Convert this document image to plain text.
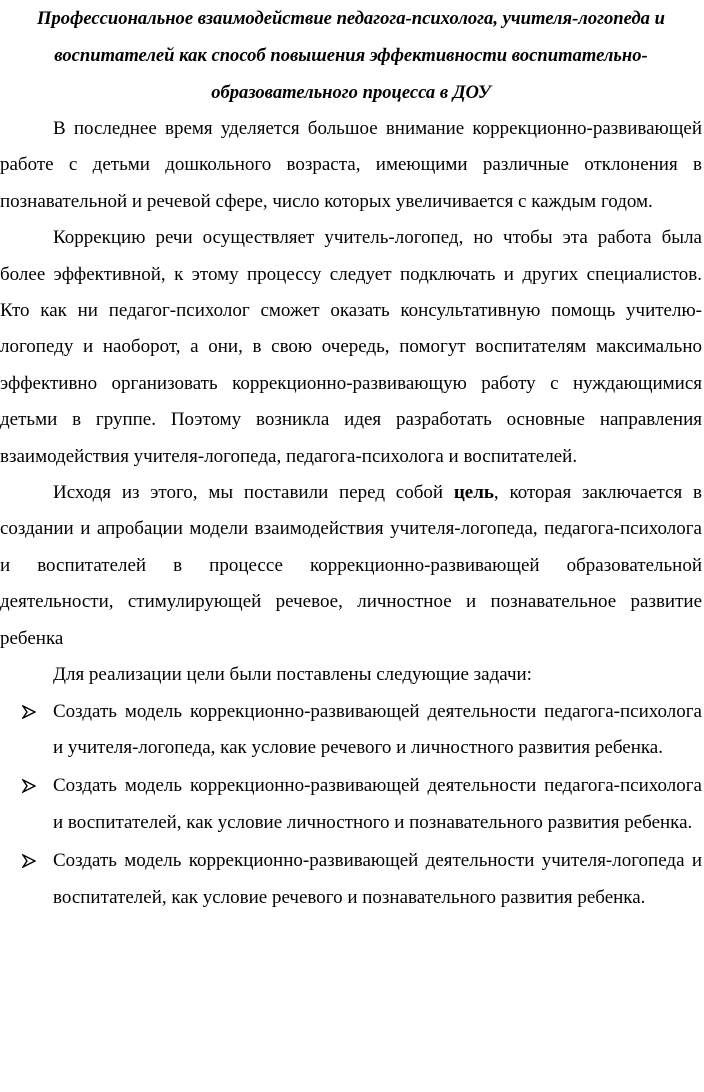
Профессиональное взаимодействие педагога-психолога, учителя-логопеда и воспитателей как способ повышения эффективности воспитательно-образовательного процесса в ДОУ

В последнее время уделяется большое внимание коррекционно-развивающей работе с детьми дошкольного возраста, имеющими различные отклонения в познавательной и речевой сфере, число которых увеличивается с каждым годом.

Коррекцию речи осуществляет учитель-логопед, но чтобы эта работа была более эффективной, к этому процессу следует подключать и других специалистов. Кто как ни педагог-психолог сможет оказать консультативную помощь учителю-логопеду и наоборот, а они, в свою очередь, помогут воспитателям максимально эффективно организовать коррекционно-развивающую работу с нуждающимися детьми в группе. Поэтому возникла идея разработать основные направления взаимодействия учителя-логопеда, педагога-психолога и воспитателей.

Исходя из этого, мы поставили перед собой цель, которая заключается в создании и апробации модели взаимодействия учителя-логопеда, педагога-психолога и воспитателей в процессе коррекционно-развивающей образовательной деятельности, стимулирующей речевое, личностное и познавательное развитие ребенка

Для реализации цели были поставлены следующие задачи:

Создать модель коррекционно-развивающей деятельности педагога-психолога и учителя-логопеда, как условие речевого и личностного развития ребенка.
Создать модель коррекционно-развивающей деятельности педагога-психолога и воспитателей, как условие личностного и познавательного развития ребенка.
Создать модель коррекционно-развивающей деятельности учителя-логопеда и воспитателей, как условие речевого и познавательного развития ребенка.
